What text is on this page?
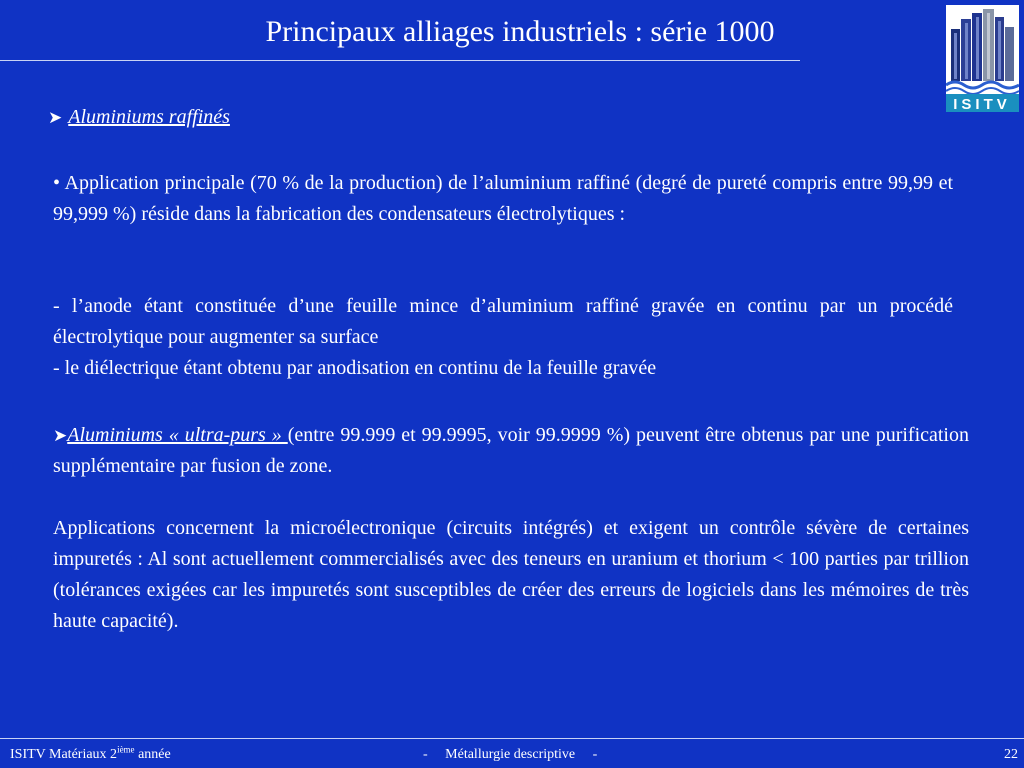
Principaux alliages industriels : série 1000
ISITV
➤ Aluminiums raffinés
• Application principale (70 % de la production) de l’aluminium raffiné (degré de pureté compris entre 99,99 et 99,999 %) réside dans la fabrication des condensateurs électrolytiques :
- l’anode étant constituée d’une feuille mince d’aluminium raffiné gravée en continu par un procédé électrolytique pour augmenter sa surface
- le diélectrique étant obtenu par anodisation en continu de la feuille gravée
➤Aluminiums « ultra-purs » (entre 99.999 et 99.9995, voir 99.9999 %) peuvent être obtenus par une purification supplémentaire par fusion de zone.
Applications concernent la microélectronique (circuits intégrés) et exigent un contrôle sévère de certaines impuretés : Al sont actuellement commercialisés avec des teneurs en uranium et thorium < 100 parties par trillion (tolérances exigées car les impuretés sont susceptibles de créer des erreurs de logiciels dans les mémoires de très haute capacité).
ISITV Matériaux 2ième année	-     Métallurgie descriptive     -	22
